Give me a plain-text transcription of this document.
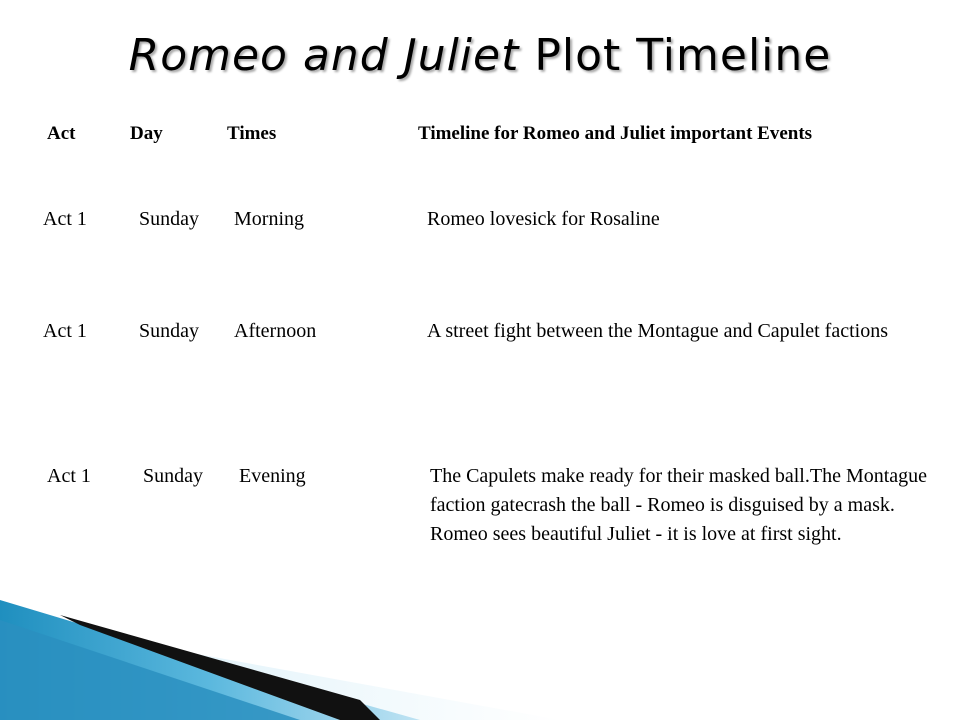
Romeo and Juliet Plot Timeline
Act	Day	Times	Timeline for Romeo and Juliet important Events
Act 1	Sunday Morning	Romeo lovesick for Rosaline
Act 1	Sunday Afternoon	A street fight between the Montague and Capulet factions
Act 1	Sunday Evening	The Capulets make ready for their masked ball.The Montague faction gatecrash the ball - Romeo is disguised by a mask. Romeo sees beautiful Juliet - it is love at first sight.
